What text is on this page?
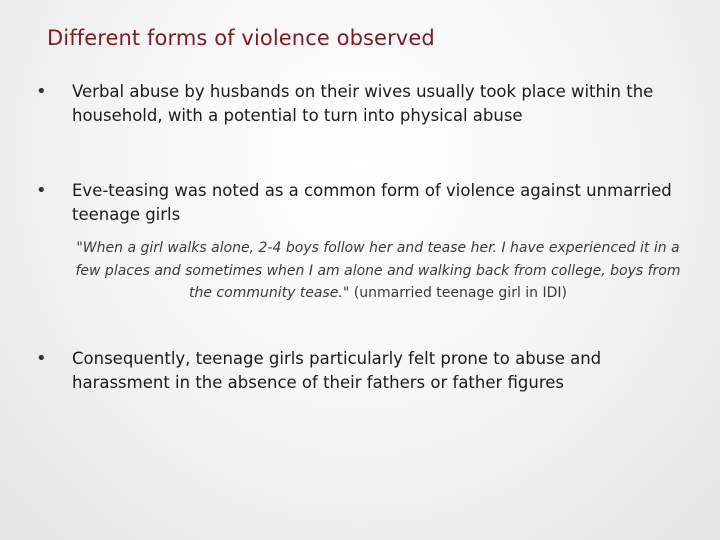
Different forms of violence observed
•	Verbal abuse by husbands on their wives usually took place within the household, with a potential to turn into physical abuse
•	Eve-teasing was noted as a common form of violence against unmarried teenage girls
"When a girl walks alone, 2-4 boys follow her and tease her. I have experienced it in a few places and sometimes when I am alone and walking back from college, boys from the community tease." (unmarried teenage girl in IDI)
•	Consequently, teenage girls particularly felt prone to abuse and harassment in the absence of their fathers or father figures
